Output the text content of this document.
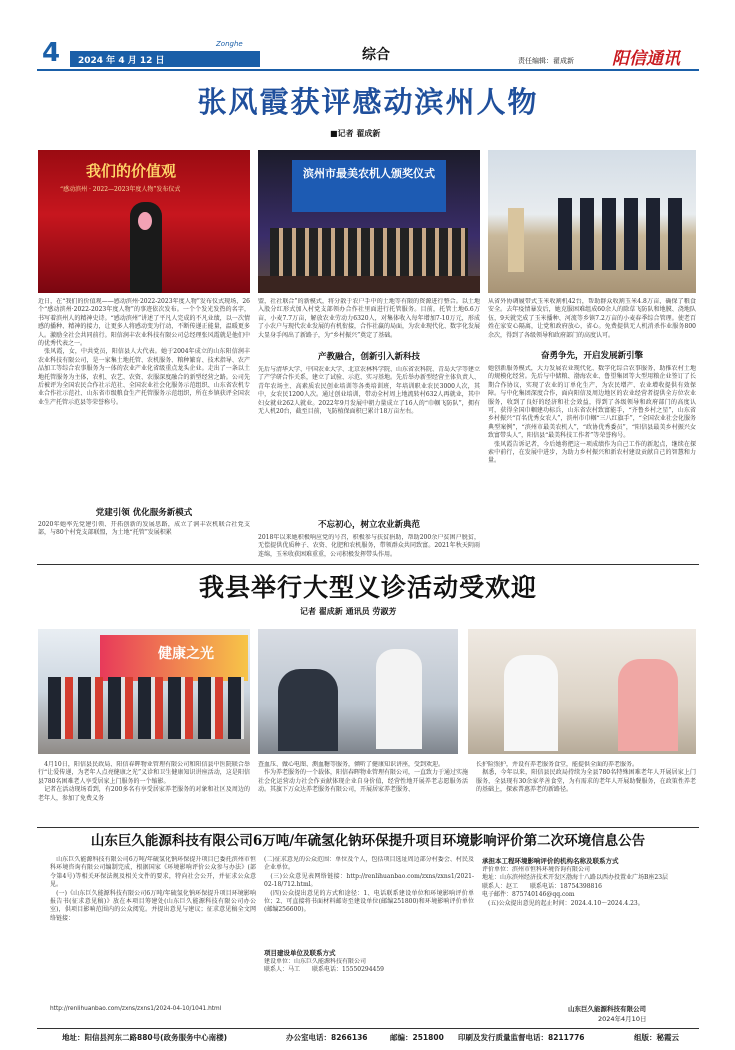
4 2024 年 4 月 12 日
Zonghe
综合	责任编辑：翟成新 阳信通讯
张风霞获评感动滨州人物
■记者 翟成新
我们的价值观
“感动滨州 · 2022—2023年度人物”发布仪式
滨州市最美农机人颁奖仪式
近日，在“我们的价值观——感动滨州·2022-2023年度人物”发布仪式现场，26个“感动滨州·2022-2023年度人物”的事迹依次发布。一个个发光发热的名字，书写着滨州人的精神史诗。“感动滨州”讲述了平凡人完成的不凡业绩，以一次情感的播种、精神的接力，让更多人将感动变为行动，不断传递正能量，温暖更多人。激励全社会共同前行。阳信润丰农业科技有限公司总经理张风霞就是他们中的优秀代表之一。
　张风霞，女，中共党员，阳信县人大代表。她于2004年成立的山东阳信润丰农业科技有限公司，是一家集土地托管、农机服务、粮种繁育、技术指导、农产品加工等综合农事服务为一体的农业产业化省级重点龙头企业。走出了一条以土地托管服务为主体，农机、农艺、农资、农服深度融合的新型经营之路。公司先后被评为全国农民合作社示范社、全国农业社会化服务示范组织、山东省农机专业合作社示范社、山东省市级粮食生产托管服务示范组织，所在乡镇获评全国农业生产托管示范县等荣誉称号。
党建引领 优化服务新模式
2020年她率先党建引领、开拓创新的发展思路，成立了润丰农机联合社党支部，与80个村党支部联盟，为土地“托管”发展积累
盟，社社联合”的新模式，将分散于农户手中的土地等有限的资源进行整合。以土地入股分红形式加入村党支部领办合作社里面进行托管服务。目前，托管土地6.6万亩，小麦7.7万亩，解放农业劳动力6320人，对集体收入每年增加7-10万元，形成了小农户与现代农业发展的有机衔接，合作社赢的局面，为农业现代化、数字化发展大显身手闯出了新路子，为“乡村振兴”奠定了基础。
产教融合，创新引入新科技
先后与清华大学、中国农业大学、北京农林科学院、山东省农科院、青岛大学等建立了产学研合作关系，建立了试验、示范、实习基地。先后举办新型经营主体负责人、青年农场主、高素质农民创业培训等各类培训班，年培训职业农民3000人次，其中，女农民1200人次。通过创业培训，带动全村周上地流转村632人再就业，其中妇女就业262人就业。2022年9月发展中朝力量成立了16人的“巾帼飞防队”，拥有无人机20台，截至目前，飞防植保面积已累计18万亩左右。
不忘初心，树立农业新典范
2018年以来她积极响应党的号召，积极参与扶贫捐助，帮助200余户贫困户脱贫，无偿提供优质种子、农资、化肥和农机服务，带领群众共同致富。2021年秋天阴雨连绵，玉米收获困难重重，公司积极发挥带头作用。
从省外协调履带式玉米收割机42台，帮助群众收割玉米4.8万亩，确保了粮食安全。去年疫情暴发后，她克服困难组成60余人的除草飞防队和地膜、浇地队伍，9天就完成了玉米播种、河流等乡镇7.2万亩的小麦春季综合管理。使老百姓在家安心隔离，让党和政府放心，省心。免费提供无人机消杀作业服务800余次，得到了各级领导和政府部门的高度认可。
奋勇争先，开启发展新引擎
她创新服务模式，大力发展农业现代化、数字化综合农事服务，助推农村土地的规模化经营。先后与中储粮、渤海农业、鲁望集团等大型用粮企业签订了长期合作协议，实现了农业的订单化生产，为农民增产、农业增收提供有效保障。与中化集团深度合作，面向阳信及周边地区的农业经营者提供全方位农业服务，收到了良好的经济和社会效益，得到了各级领导和政府部门的高度认可，获得全国巾帼建功标兵，山东省农村致富能手，“齐鲁乡村之星”，山东省乡村振兴“百名优秀女农人”，滨州市巾帼“三八红旗手”，“全国农业社会化服务典型案例”，“滨州市最美农机人”，“政协优秀委员”，“阳信县最美乡村振兴女致富带头人”，阳信县“最美科技工作者”等荣誉称号。
　张风霞告诉记者，今后她将把这一项成绩作为自己工作的新起点，继续在探索中前行，在发展中进步，为助力乡村振兴和新农村建设贡献自己的智慧和力量。
我县举行大型义诊活动受欢迎
记者 翟成新 通讯员 劳淑芳
健康之光
　4月10日，阳信县民政局、阳信春晖物业管理有限公司和阳信县中医院联合举行“让爱传递，为老年人点亮健康之光”义诊和卫生健康知识讲座活动，这是阳信县780名困难老人享受居家上门服务的一个缩影。
　记者在活动现场看到，有200多名有享受居家养老服务的对象和社区及周边的老年人，参加了免费义务
查血压、做心电图、测血糖等服务，倾听了健康知识讲座，受到欢迎。
　作为养老服务的一个载体，阳信春晖物业管理有限公司，一直致力于通过实施社会化运营动力社会作贡献体现企业自身价值，经营性地开展养老志愿服务活动。其旗下万众达养老服务有限公司，开展居家养老服务、
长护险照护，并设有养老服务食堂，能提供全面的养老服务。
　据悉，今年以来，阳信县民政局持续为全县780名特殊困难老年人开展居家上门服务，全县现有30余家孝善食堂，为有需求的老年人开展助餐服务，在政策性养老的基础上，探索普惠养老的新路径。
山东巨久能源科技有限公司6万吨/年硫氢化钠环保提升项目环境影响评价第二次环境信息公告
　山东巨久能源科技有限公司6万吨/年硫氢化钠环保提升项目已委托滨州市恒科环境咨询有限公司编制完成，根据国家《环境影响评价公众参与办法》(部令第4号)等相关环保法规及相关文件的要求，特向社会公开，并征求公众意见。
　(一)《山东巨久能源科技有限公司6万吨/年硫氢化钠环保提升项目环境影响报告书(征求意见稿)》放在本项目筹建处(山东巨久能源科技有限公司办公室)，供项目影响范围内的公众阅览。并提出意见与建议；征求意见稿全文网络链接：
http://renlihuanbao.com/zxns/zxns1/2024-04-10/1041.html
(二)征求意见的公众范围：单位及个人，包括项目选址周边部分村委会、村民及企业单位。
　(三)公众意见表网络链接：http://renlihuanbao.com/zxns/zxns1/2021-02-18/712.html。
　(四)公众提出意见的方式和途径：1、电话联系建设单位和环境影响评价单位；2、可直接将书面材料邮寄至建设单位(邮编251800)和环境影响评价单位(邮编256600)。
项目建设单位及联系方式
建设单位：山东巨久能源科技有限公司
联系人：马工　　联系电话：15550294459
承担本工程环境影响评价的机构名称及联系方式
评价单位：滨州市恒科环境咨询有限公司
地址：山东滨州经济技术开发区渤海十八路以西办投置业广场B座23层
联系人：赵工　　联系电话：18754398816
电子邮件：875740146@qq.com
　(五)公众提出意见的起止时间：2024.4.10～2024.4.23。
山东巨久能源科技有限公司
2024年4月10日
地址：阳信县河东二路880号(政务服务中心南楼)	办公室电话：8266136	邮编：251800 印刷及发行质量监督电话：8211776	组版：秘霞云
